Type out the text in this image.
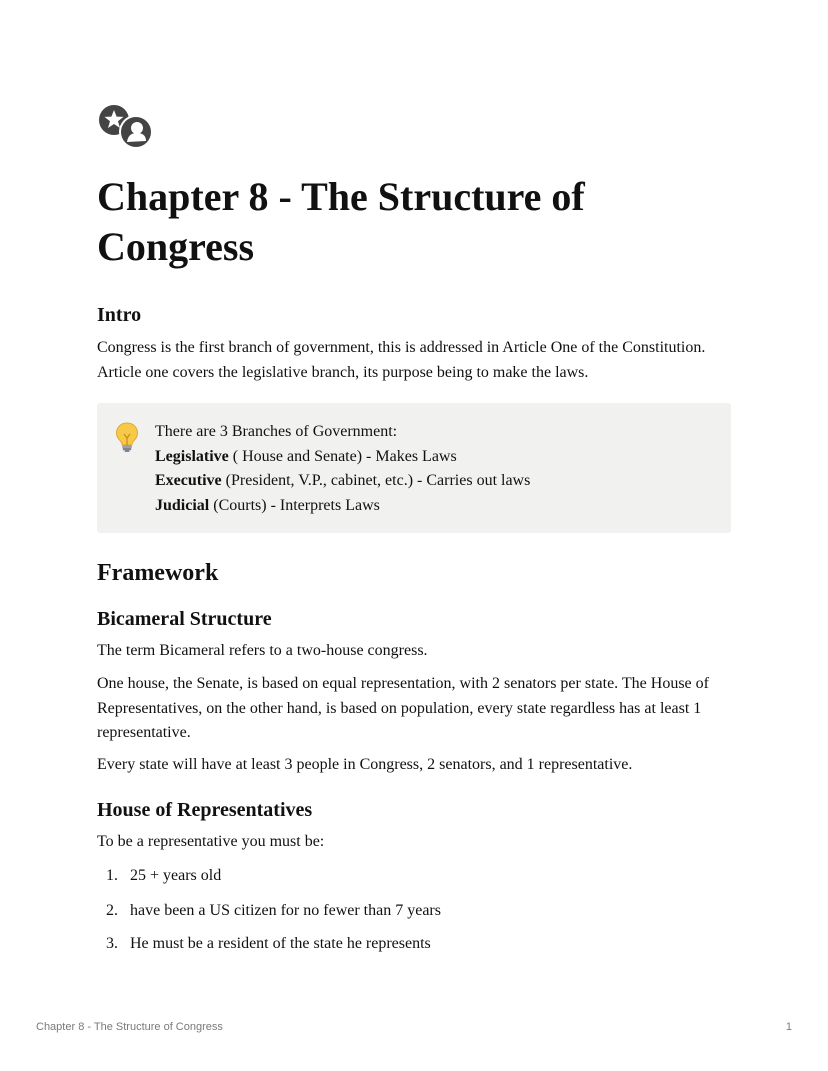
Chapter 8 - The Structure of Congress
Intro

Congress is the first branch of government, this is addressed in Article One of the Constitution. Article one covers the legislative branch, its purpose being to make the laws.

There are 3 Branches of Government:
Legislative ( House and Senate) - Makes Laws
Executive (President, V.P., cabinet, etc.) - Carries out laws
Judicial (Courts) - Interprets Laws
Framework
Bicameral Structure

The term Bicameral refers to a two-house congress.

One house, the Senate, is based on equal representation, with 2 senators per state. The House of Representatives, on the other hand, is based on population, every state regardless has at least 1 representative.

Every state will have at least 3 people in Congress, 2 senators, and 1 representative.

House of Representatives

To be a representative you must be:

1. 25 + years old
2. have been a US citizen for no fewer than 7 years
3. He must be a resident of the state he represents
Chapter 8 - The Structure of Congress	1
